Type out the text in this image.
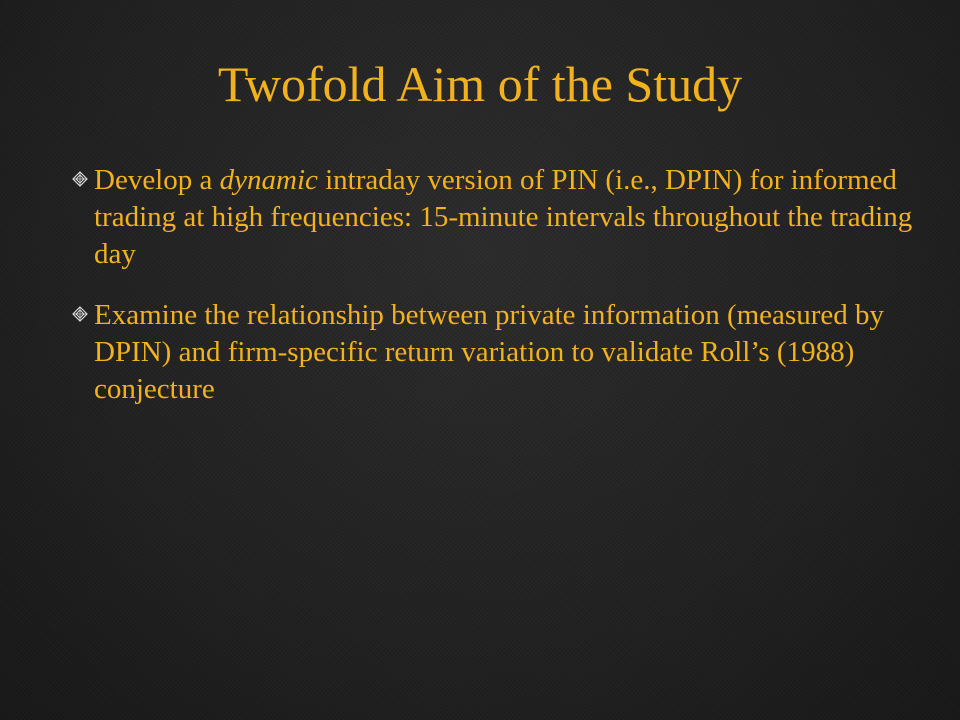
Twofold Aim of the Study
Develop a dynamic intraday version of PIN (i.e., DPIN) for informed trading at high frequencies: 15-minute intervals throughout the trading day
Examine the relationship between private information (measured by DPIN) and firm-specific return variation to validate Roll’s (1988) conjecture
